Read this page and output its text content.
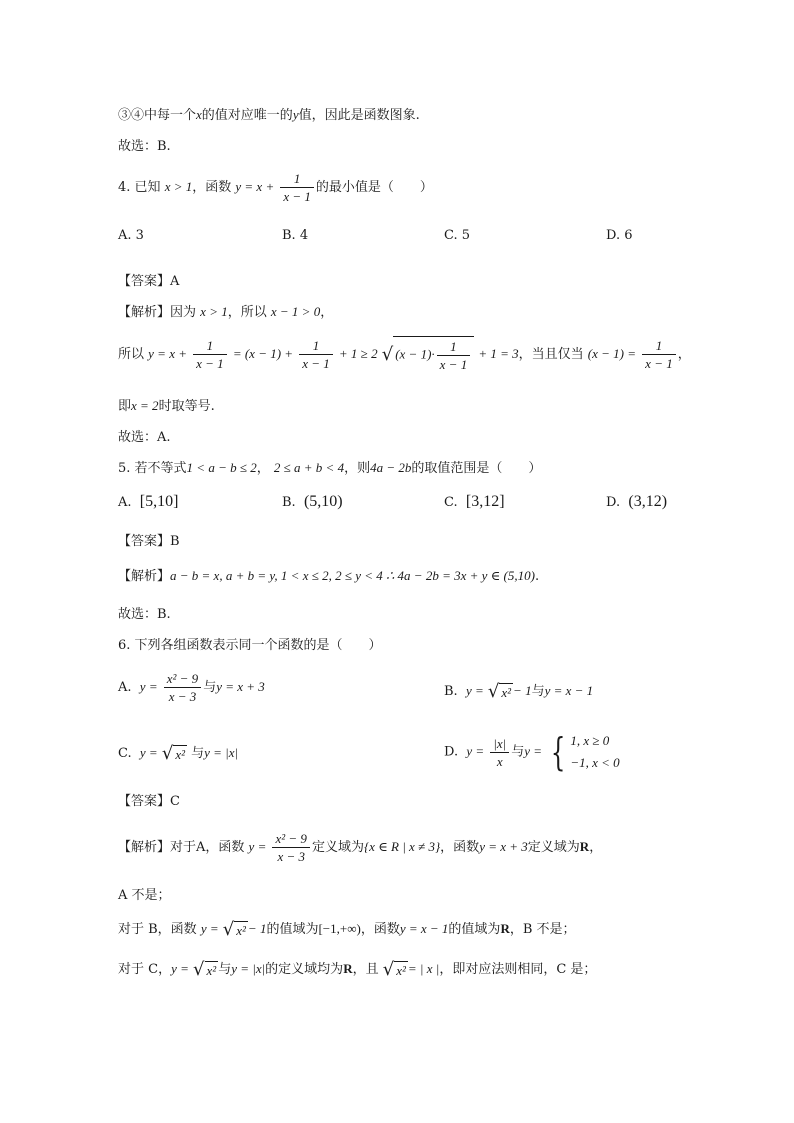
③④中每一个x的值对应唯一的y值，因此是函数图象.
故选：B.
4. 已知 x > 1，函数 $y = x + \frac{1}{x - 1}$ 的最小值是（　　）
A. 3	B. 4	C. 5	D. 6
【答案】A
【解析】因为 x > 1，所以 x − 1 > 0，
所以 $y = x + \frac{1}{x - 1} = (x - 1) + \frac{1}{x - 1} + 1 \ge 2$ √ $(x - 1)\cdot \frac{1}{x - 1} + 1 = 3$，当且仅当 $(x - 1) = \frac{1}{x - 1}$ ，
即x = 2时取等号.
故选：A.
5. 若不等式1 < a − b ≤ 2， 2 ≤ a + b < 4，则4a − 2b的取值范围是（　　）
A. [5,10]	B. (5,10)	C. [3,12]	D. (3,12)
【答案】B
【解析】a − b = x, a + b = y, 1 < x ≤ 2, 2 ≤ y < 4 ∴ 4a − 2b = 3x + y ∈ (5,10).
故选：B.
6. 下列各组函数表示同一个函数的是（　　）
A. $y = \frac{\text{x² − 9}}{x - 3}$ 与y = x + 3	B. y = √ x² − 1与y = x − 1
C. y = √ x² 与y = |x|	D. $y = \frac{|x|}{x}$ 与y = { 1, x ≥ 0
−1, x < 0
【答案】C
【解析】对于A，函数 $y = \frac{\text{x² − 9}}{x - 3}$ 定义域为{x ∈ R | x ≠ 3}，函数y = x + 3定义域为R，
A 不是；
对于 B，函数 y = √ x² − 1的值域为[−1,+∞)，函数y = x − 1的值域为R，B 不是；
对于 C，y = √ x² 与y = |x|的定义域均为R，且 √ x² = | x |，即对应法则相同，C 是；
